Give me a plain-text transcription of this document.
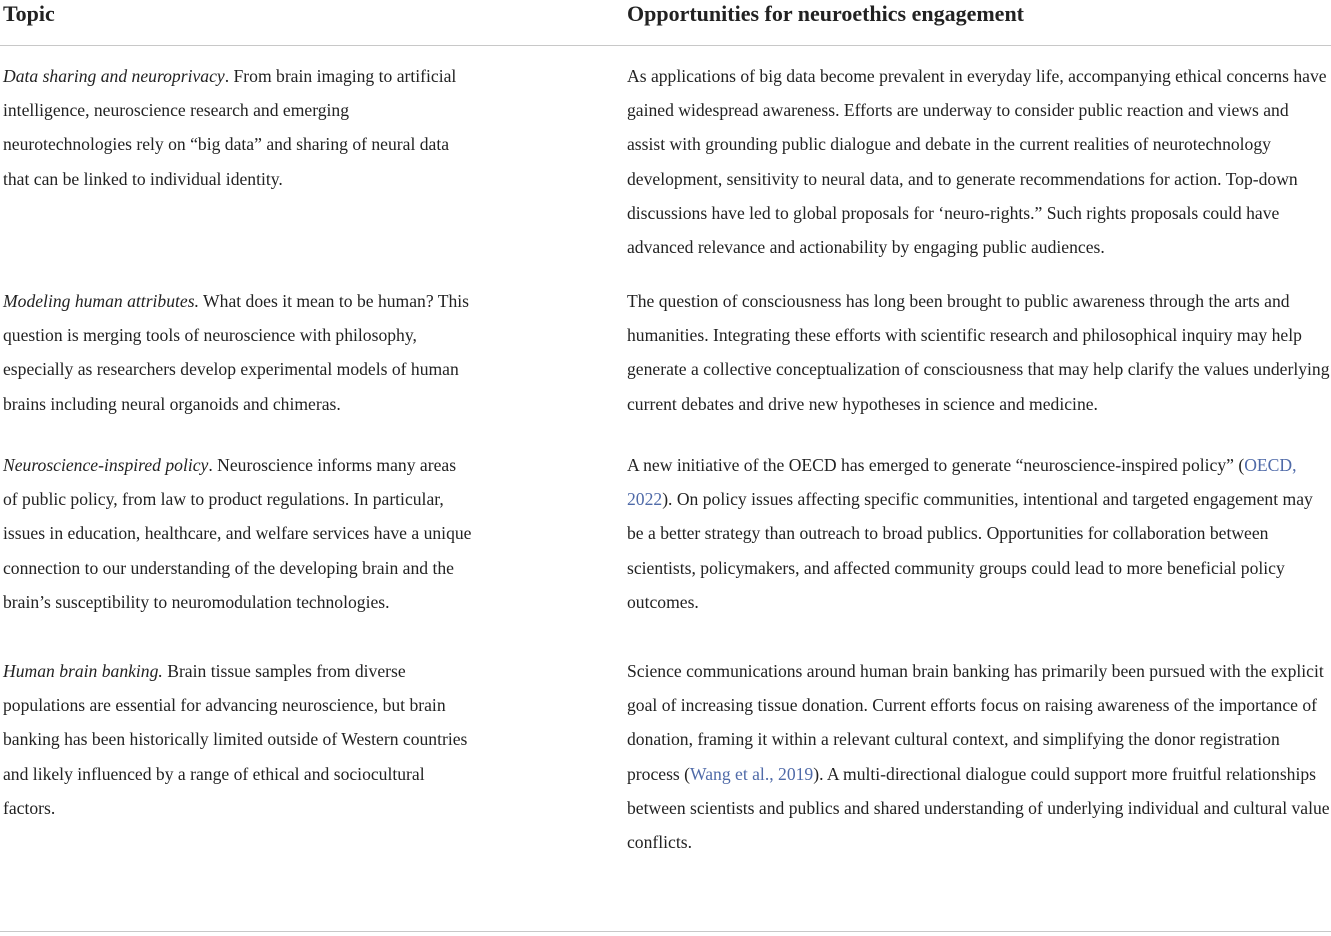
Topic	Opportunities for neuroethics engagement
Data sharing and neuroprivacy. From brain imaging to artificial intelligence, neuroscience research and emerging neurotechnologies rely on “big data” and sharing of neural data that can be linked to individual identity.
As applications of big data become prevalent in everyday life, accompanying ethical concerns have gained widespread awareness. Efforts are underway to consider public reaction and views and assist with grounding public dialogue and debate in the current realities of neurotechnology development, sensitivity to neural data, and to generate recommendations for action. Top-down discussions have led to global proposals for ‘neuro-rights.” Such rights proposals could have advanced relevance and actionability by engaging public audiences.
Modeling human attributes. What does it mean to be human? This question is merging tools of neuroscience with philosophy, especially as researchers develop experimental models of human brains including neural organoids and chimeras.
The question of consciousness has long been brought to public awareness through the arts and humanities. Integrating these efforts with scientific research and philosophical inquiry may help generate a collective conceptualization of consciousness that may help clarify the values underlying current debates and drive new hypotheses in science and medicine.
Neuroscience-inspired policy. Neuroscience informs many areas of public policy, from law to product regulations. In particular, issues in education, healthcare, and welfare services have a unique connection to our understanding of the developing brain and the brain’s susceptibility to neuromodulation technologies.
A new initiative of the OECD has emerged to generate “neuroscience-inspired policy” (OECD, 2022). On policy issues affecting specific communities, intentional and targeted engagement may be a better strategy than outreach to broad publics. Opportunities for collaboration between scientists, policymakers, and affected community groups could lead to more beneficial policy outcomes.
Human brain banking. Brain tissue samples from diverse populations are essential for advancing neuroscience, but brain banking has been historically limited outside of Western countries and likely influenced by a range of ethical and sociocultural factors.
Science communications around human brain banking has primarily been pursued with the explicit goal of increasing tissue donation. Current efforts focus on raising awareness of the importance of donation, framing it within a relevant cultural context, and simplifying the donor registration process (Wang et al., 2019). A multi-directional dialogue could support more fruitful relationships between scientists and publics and shared understanding of underlying individual and cultural value conflicts.
